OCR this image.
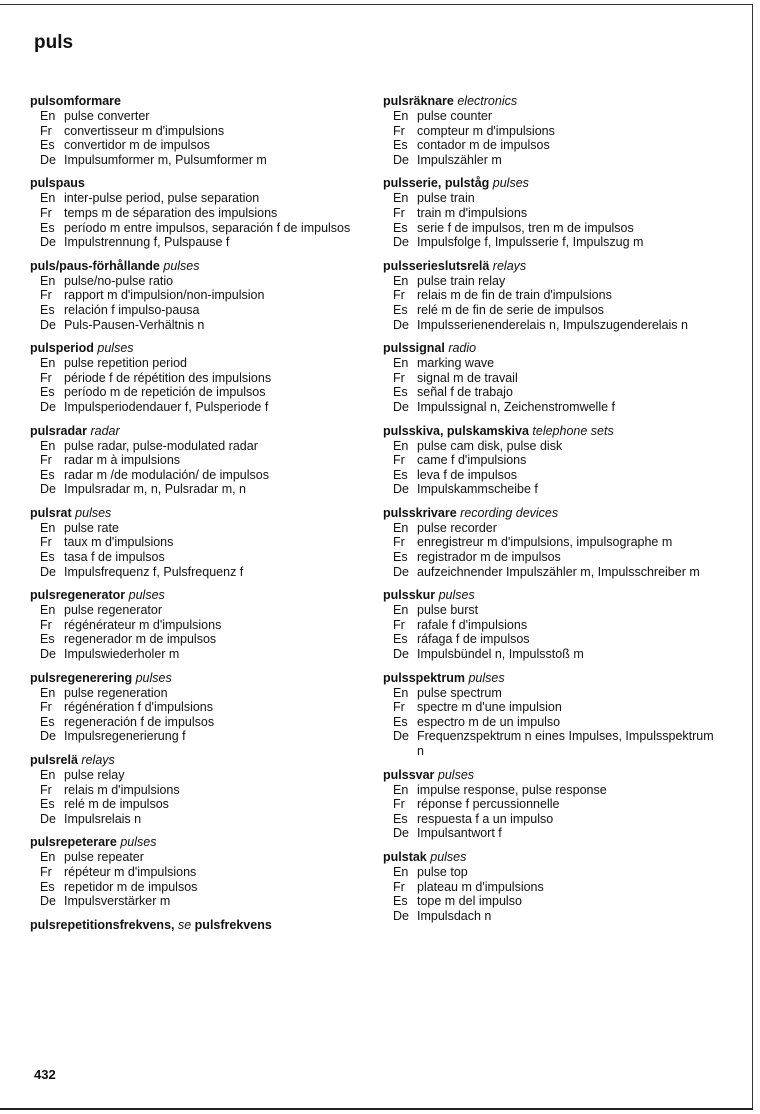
puls
pulsomformare
En pulse converter
Fr convertisseur m d'impulsions
Es convertidor m de impulsos
De Impulsumformer m, Pulsumformer m
pulspaus
En inter-pulse period, pulse separation
Fr temps m de séparation des impulsions
Es período m entre impulsos, separación f de impulsos
De Impulstrennung f, Pulspause f
puls/paus-förhållande pulses
En pulse/no-pulse ratio
Fr rapport m d'impulsion/non-impulsion
Es relación f impulso-pausa
De Puls-Pausen-Verhältnis n
pulsperiod pulses
En pulse repetition period
Fr période f de répétition des impulsions
Es período m de repetición de impulsos
De Impulsperiodendauer f, Pulsperiode f
pulsradar radar
En pulse radar, pulse-modulated radar
Fr radar m à impulsions
Es radar m /de modulación/ de impulsos
De Impulsradar m, n, Pulsradar m, n
pulsrat pulses
En pulse rate
Fr taux m d'impulsions
Es tasa f de impulsos
De Impulsfrequenz f, Pulsfrequenz f
pulsregenerator pulses
En pulse regenerator
Fr régénérateur m d'impulsions
Es regenerador m de impulsos
De Impulswiederholer m
pulsregenerering pulses
En pulse regeneration
Fr régénération f d'impulsions
Es regeneración f de impulsos
De Impulsregenerierung f
pulsrelä relays
En pulse relay
Fr relais m d'impulsions
Es relé m de impulsos
De Impulsrelais n
pulsrepeterare pulses
En pulse repeater
Fr répéteur m d'impulsions
Es repetidor m de impulsos
De Impulsverstärker m
pulsrepetitionsfrekvens, se pulsfrekvens
pulsräknare electronics
En pulse counter
Fr compteur m d'impulsions
Es contador m de impulsos
De Impulszähler m
pulsserie, pulståg pulses
En pulse train
Fr train m d'impulsions
Es serie f de impulsos, tren m de impulsos
De Impulsfolge f, Impulsserie f, Impulszug m
pulsserieslutsrelä relays
En pulse train relay
Fr relais m de fin de train d'impulsions
Es relé m de fin de serie de impulsos
De Impulsserienenderelais n, Impulszugenderelais n
pulssignal radio
En marking wave
Fr signal m de travail
Es señal f de trabajo
De Impulssignal n, Zeichenstromwelle f
pulsskiva, pulskamskiva telephone sets
En pulse cam disk, pulse disk
Fr came f d'impulsions
Es leva f de impulsos
De Impulskammscheibe f
pulsskrivare recording devices
En pulse recorder
Fr enregistreur m d'impulsions, impulsographe m
Es registrador m de impulsos
De aufzeichnender Impulszähler m, Impulsschreiber m
pulsskur pulses
En pulse burst
Fr rafale f d'impulsions
Es ráfaga f de impulsos
De Impulsbündel n, Impulsstoß m
pulsspektrum pulses
En pulse spectrum
Fr spectre m d'une impulsion
Es espectro m de un impulso
De Frequenzspektrum n eines Impulses, Impulsspektrum n
pulssvar pulses
En impulse response, pulse response
Fr réponse f percussionnelle
Es respuesta f a un impulso
De Impulsantwort f
pulstak pulses
En pulse top
Fr plateau m d'impulsions
Es tope m del impulso
De Impulsdach n
432
